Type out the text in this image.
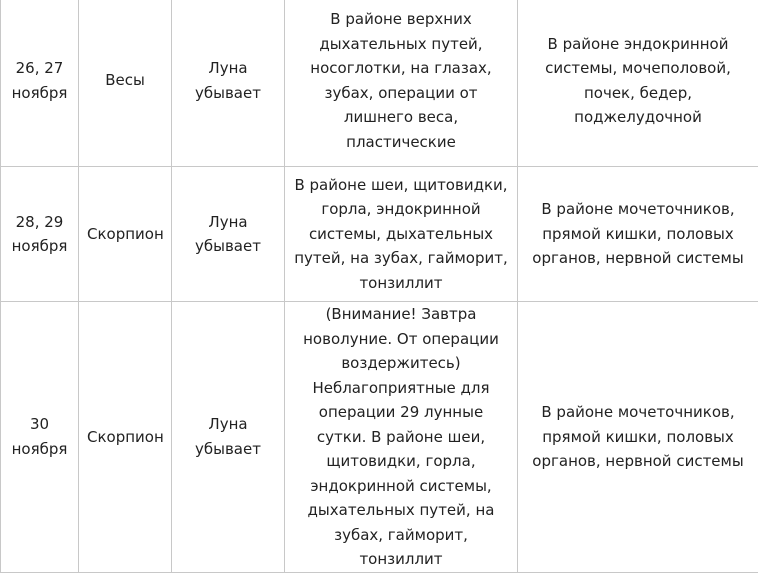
26, 27 ноября	Весы	Луна убывает	В районе верхних дыхательных путей, носоглотки, на глазах, зубах, операции от лишнего веса, пластические	В районе эндокринной системы, мочеполовой, почек, бедер, поджелудочной
28, 29 ноября	Скорпион	Луна убывает	В районе шеи, щитовидки, горла, эндокринной системы, дыхательных путей, на зубах, гайморит, тонзиллит	В районе мочеточников, прямой кишки, половых органов, нервной системы
30 ноября	Скорпион	Луна убывает	(Внимание! Завтра новолуние. От операции воздержитесь) Неблагоприятные для операции 29 лунные сутки. В районе шеи, щитовидки, горла, эндокринной системы, дыхательных путей, на зубах, гайморит, тонзиллит	В районе мочеточников, прямой кишки, половых органов, нервной системы
